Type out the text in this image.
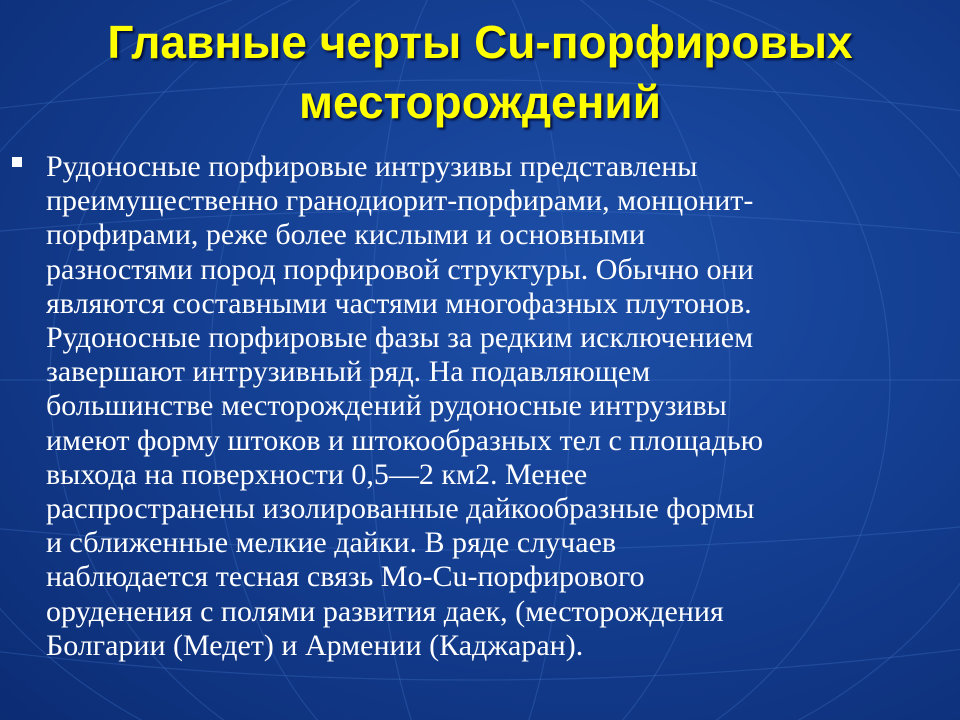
Главные черты Cu-порфировых
месторождений
Рудоносные порфировые интрузивы представлены
преимущественно гранодиорит-порфирами, монцонит-
порфирами, реже более кислыми и основными
разностями пород порфировой структуры. Обычно они
являются составными частями многофазных плутонов.
Рудоносные порфировые фазы за редким исключением
завершают интрузивный ряд. На подавляющем
большинстве месторождений рудоносные интрузивы
имеют форму штоков и штокообразных тел с площадью
выхода на поверхности 0,5—2 км2. Менее
распространены изолированные дайкообразные формы
и сближенные мелкие дайки. В ряде случаев
наблюдается тесная связь Mo-Cu-порфирового
оруденения с полями развития даек, (месторождения
Болгарии (Медет) и Армении (Каджаран).
